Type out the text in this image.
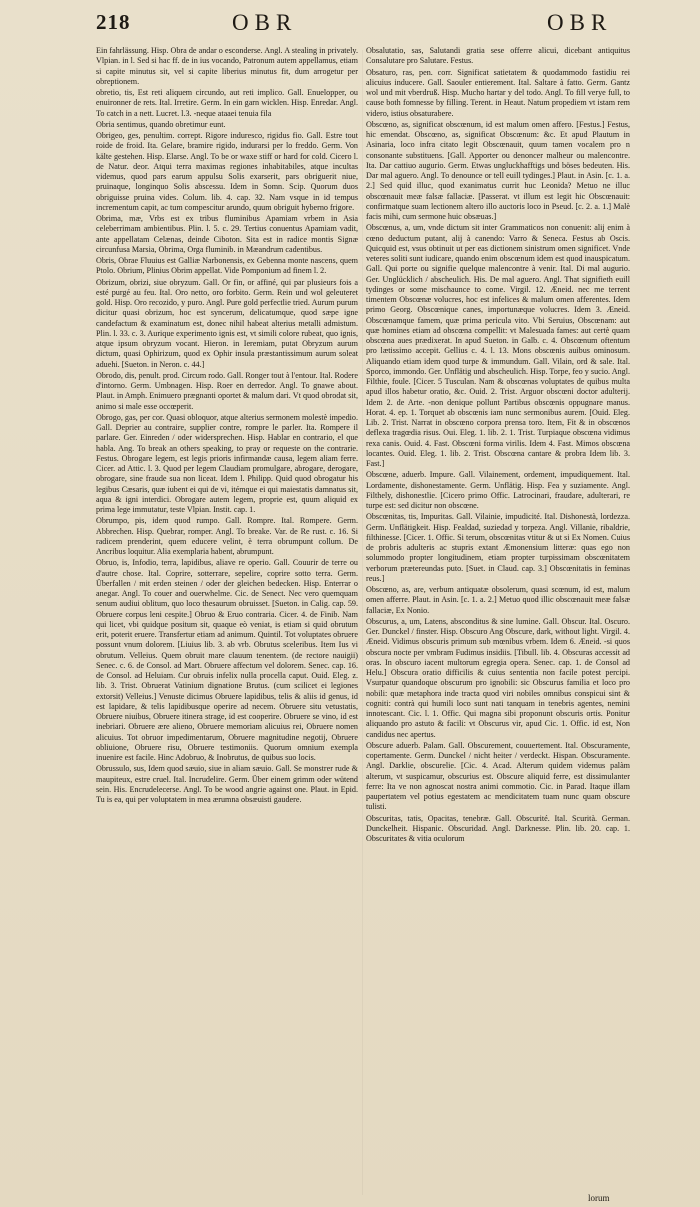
218	OBR	OBR

Ein fahrlässung. Hisp. Obra de andar o esconderse. Angl. A stealing in privately. Vlpian. in l. Sed si hac ff. de in ius vocando, Patronum autem appellamus, etiam si capite minutus sit, vel si capite liberius minutus fit, dum arrogetur per obreptionem.

obretio, tis, Est reti aliquem circundo, aut reti implico. Gall. Enuelopper, ou enuironner de rets. Ital. Irretire. Germ. In ein garn wicklen. Hisp. Enredar. Angl. To catch in a nett. Lucret. l.3. -neque ataaei tenuia fila

Obria sentimus, quando obretimur eunt.

Obrigeo, ges, penultim. corrept. Rigore induresco, rigidus fio. Gall. Estre tout roide de froid. Ita. Gelare, bramire rigido, indurarsi per lo freddo. Germ. Von kälte gestehen. Hisp. Elarse. Angl. To be or waxe stiff or hard for cold. Cicero l. de Natur. deor. Atqui terra maximas regiones inhabitabiles, atque incultas videmus, quod pars earum appulsu Solis exarserit, pars obriguerit niue, pruinaque, longinquo Solis abscessu. Idem in Somn. Scip. Quorum duos obriguisse pruina vides. Colum. lib. 4. cap. 32. Nam vsque in id tempus incrementum capit, ac tum compescitur arundo, quum obriguit hyberno frigore.

Obrima, mæ, Vrbs est ex tribus fluminibus Apamiam vrbem in Asia celeberrimam ambientibus. Plin. l. 5. c. 29. Tertius conuentus Apamiam vadit, ante appellatam Celænas, deinde Ciboton. Sita est in radice montis Signæ circunfusa Marsia, Obrima, Orga fluminib. in Mæandrum cadentibus.

Obris, Obrae Fluuius est Galliæ Narbonensis, ex Gebenna monte nascens, quem Ptolo. Obrium, Plinius Obrim appellat. Vide Pomponium ad finem l. 2.

Obrizum, obrizi, siue obryzum. Gall. Or fin, or affiné, qui par plusieurs fois a esté purgé au feu. Ital. Oro netto, oro forbito. Germ. Rein und wol geleuteret gold. Hisp. Oro recozido, y puro. Angl. Pure gold perfectlie tried. Aurum purum dicitur quasi obrizum, hoc est syncerum, delicatumque, quod sæpe igne candefactum & examinatum est, donec nihil habeat alterius metalli admistum. Plin. l. 33. c. 3. Aurique experimento ignis est, vt simili colore rubeat, quo ignis, atque ipsum obryzum vocant. Hieron. in Ieremiam, putat Obryzum aurum dictum, quasi Ophirizum, quod ex Ophir insula præstantissimum aurum soleat aduehi. [Sueton. in Neron. c. 44.]

Obrodo, dis, penult. prod. Circum rodo. Gall. Ronger tout à l'entour. Ital. Rodere d'intorno. Germ. Umbnagen. Hisp. Roer en derredor. Angl. To gnawe about. Plaut. in Amph. Enimuero prægnanti oportet & malum dari. Vt quod obrodat sit, animo si male esse occœperit.

Obrogo, gas, per cor. Quasi obloquor, atque alterius sermonem molestè impedio. Gall. Deprier au contraire, supplier contre, rompre le parler. Ita. Rompere il parlare. Ger. Einreden / oder widersprechen. Hisp. Hablar en contrario, el que habla. Ang. To break an others speaking, to pray or requeste on the contrarie. Festus. Obrogare legem, est legis prioris infirmandæ causa, legem aliam ferre. Cicer. ad Attic. l. 3. Quod per legem Claudiam promulgare, abrogare, derogare, obrogare, sine fraude sua non liceat. Idem l. Philipp. Quid quod obrogatur his legibus Cæsaris, quæ iubent ei qui de vi, itémque ei qui maiestatis damnatus sit, aqua & igni interdici. Obrogare autem legem, proprie est, quum aliquid ex prima lege immutatur, teste Vlpian. Instit. cap. 1.

Obrumpo, pis, idem quod rumpo. Gall. Rompre. Ital. Rompere. Germ. Abbrechen. Hisp. Quebrar, romper. Angl. To breake. Var. de Re rust. c. 16. Si radicem prenderint, quem educere velint, è terra obrumpunt collum. De Ancribus loquitur. Alia exemplaria habent, abrumpunt.

Obruo, is, Infodio, terra, lapidibus, aliave re operio. Gall. Couurir de terre ou d'autre chose. Ital. Coprire, sotterrare, sepelire, coprire sotto terra. Germ. Überfallen / mit erden steinen / oder der gleichen bedecken. Hisp. Enterrar o anegar. Angl. To couer and ouerwhelme. Cic. de Senect. Nec vero quemquam senum audiui oblitum, quo loco thesaurum obruisset. [Sueton. in Calig. cap. 59. Obruere corpus leni cespite.] Obruo & Eruo contraria. Cicer. 4. de Finib. Nam qui licet, vbi quidque positum sit, quaque eò veniat, is etiam si quid obrutum erit, poterit eruere. Transfertur etiam ad animum. Quintil. Tot voluptates obruere possunt vnum dolorem. [Liuius lib. 3. ab vrb. Obrutus sceleribus. Item Ius vi obrutum. Velleius. Quem obruit mare clauum tenentem. (de rectore nauigii) Senec. c. 6. de Consol. ad Mart. Obruere affectum vel dolorem. Senec. cap. 16. de Consol. ad Heluiam. Cur obruis infelix nulla procella caput. Ouid. Eleg. z. lib. 3. Trist. Obruerat Vatinium dignatione Brutus. (cum scilicet ei legiones extorsit) Velleius.] Venuste dicimus Obruere lapidibus, telis & aliis id genus, id est lapidare, & telis lapidibusque operire ad necem. Obruere situ vetustatis, Obruere niuibus, Obruere itinera strage, id est cooperire. Obruere se vino, id est inebriari. Obruere ære alieno, Obruere memoriam alicuius rei, Obruere nomen alicuius. Tot obruor impedimentarum, Obruere magnitudine negotij, Obruere obliuione, Obruere risu, Obruere testimoniis. Quorum omnium exempla inuenire est facile. Hinc Adobruo, & Inobrutus, de quibus suo locis.

Obrussulo, sus, Idem quod sæuio, siue in aliam sæuio. Gall. Se monstrer rude & maupiteux, estre cruel. Ital. Incrudelire. Germ. Über einem grimm oder wütend sein. His. Encrudelecerse. Angl. To be wood angrie against one. Plaut. in Epid. Tu is ea, qui per voluptatem in mea ærumna obsæuisti gaudere.

Obsalutatio, sas, Salutandi gratia sese offerre alicui, dicebant antiquitus Consalutare pro Salutare. Festus.

Obsaturo, ras, pen. corr. Significat satietatem & quodammodo fastidiu rei alicuius inducere. Gall. Saouler entierement. Ital. Saltare à fatto. Germ. Gantz wol und mit vberdruß. Hisp. Mucho hartar y del todo. Angl. To fill verye full, to cause both fomnesse by filling. Terent. in Heaut. Natum propediem vt istam rem videro, istius obsaturabere.

Obscœno, as, significat obscœnum, id est malum omen affero. [Festus.] Festus, hic emendat. Obscœno, as, significat Obscœnum: &c. Et apud Plautum in Asinaria, loco infra citato legit Obscœnauit, quum tamen vocalem pro n consonante substituens. [Gall. Apporter ou denoncer malheur ou malencontre. Ita. Dar cattiuo augurio. Germ. Etwas ungluckhafftigs und böses bedeuten. His. Dar mal aguero. Angl. To denounce or tell euill tydinges.] Plaut. in Asin. [c. 1. a. 2.] Sed quid illuc, quod exanimatus currit huc Leonida? Metuo ne illuc obscœnauit meæ falsæ fallaciæ. [Passerat. vt illum est legit hic Obscœnauit: confirmatque suam lectionem altero illo auctoris loco in Pseud. [c. 2. a. 1.] Malè facis mihi, cum sermone huic obsæuas.]

Obscœnus, a, um, vnde dictum sit inter Grammaticos non conuenit: alij enim à cœno deductum putant, alij à canendo: Varro & Seneca. Festus ab Oscis. Quicquid est, vsus obtinuit ut per eas dictionem sinistrum omen significet. Vnde veteres soliti sunt iudicare, quando enim obscœnum idem est quod inauspicatum. Gall. Qui porte ou signifie quelque malencontre à venir. Ital. Di mal augurio. Ger. Unglücklich / abscheulich. His. De mal aguero. Angl. That signifieth euill tydinges or some mischaunce to come. Virgil. 12. Æneid. nec me terrent timentem Obscœnæ volucres, hoc est infelices & malum omen afferentes. Idem primo Georg. Obscœnique canes, importunæque volucres. Idem 3. Æneid. Obscœnamque famem, quæ prima pericula vito. Vbi Seruius, Obscœnam: aut quæ homines etiam ad obscœna compellit: vt Malesuada fames: aut certè quam obscœna aues prædixerat. In apud Sueton. in Galb. c. 4. Obscœnum oftentum pro lætissimo accepit. Gellius c. 4. l. 13. Mons obscœnis auibus ominosum. Aliquando etiam idem quod turpe & immundum. Gall. Vilain, ord & sale. Ital. Sporco, immondo. Ger. Unflätig und abscheulich. Hisp. Torpe, feo y sucio. Angl. Filthie, foule. [Cicer. 5 Tusculan. Nam & obscœnas voluptates de quibus multa apud illos habetur oratio, &c. Ouid. 2. Trist. Arguor obscœni doctor adulterij. Idem 2. de Arte. -non denique pollunt Partibus obscœnis oppugnare manus. Horat. 4. ep. 1. Torquet ab obscœnis iam nunc sermonibus aurem. [Ouid. Eleg. Lib. 2. Trist. Narrat in obscœno corpora prensa toro. Item, Fit & in obscœnos deflexa tragœdia risus. Oui. Eleg. 1. lib. 2. 1. Trist. Turpiaque obscœna vidimus rexa canis. Ouid. 4. Fast. Obscœni forma virilis. Idem 4. Fast. Mimos obscœna locantes. Ouid. Eleg. 1. lib. 2. Trist. Obscœna cantare & probra Idem lib. 3. Fast.]

Obscœne, aduerb. Impure. Gall. Vilainement, ordement, impudiquement. Ital. Lordamente, dishonestamente. Germ. Unflätig. Hisp. Fea y suziamente. Angl. Filthely, dishonestlie. [Cicero primo Offic. Latrocinari, fraudare, adulterari, re turpe est: sed dicitur non obscœne.

Obscœnitas, tis, Impuritas. Gall. Vilainie, impudicité. Ital. Dishonestà, lordezza. Germ. Unflätigkeit. Hisp. Fealdad, suziedad y torpeza. Angl. Villanie, ribaldrie, filthinesse. [Cicer. 1. Offic. Si terum, obscœnitas vtitur & ut si Ex Nomen. Cuius de probris adulteris ac stupris extant Æmonensium litteræ: quas ego non solummodo propter longitudinem, etiam propter turpissimam obscœnitatem verborum prætereundas puto. [Suet. in Claud. cap. 3.] Obscœnitatis in feminas reus.]

Obscœno, as, are, verbum antiquatæ obsolerum, quasi scœnum, id est, malum omen afferre. Plaut. in Asin. [c. 1. a. 2.] Metuo quod illic obscœnauit meæ falsæ fallaciæ, Ex Nonio.

Obscurus, a, um, Latens, absconditus & sine lumine. Gall. Obscur. Ital. Oscuro. Ger. Dunckel / finster. Hisp. Obscuro Ang Obscure, dark, without light. Virgil. 4. Æneid. Vidimus obscuris primum sub mœnibus vrbem. Idem 6. Æneid. -si quos obscura nocte per vmbram Fudimus insidiis. [Tibull. lib. 4. Obscuras accessit ad oras. In obscuro iacent multorum egregia opera. Senec. cap. 1. de Consol ad Helu.] Obscura oratio difficilis & cuius sententia non facile potest percipi. Vsurpatur quandoque obscurum pro ignobili: sic Obscurus familia et loco pro nobili: quæ metaphora inde tracta quod viri nobiles omnibus conspicui sint & cogniti: contrà qui humili loco sunt nati tanquam in tenebris agentes, nemini innotescant. Cic. l. 1. Offic. Qui magna sibi proponunt obscuris ortis. Ponitur aliquando pro astuto & facili: vt Obscurus vir, apud Cic. 1. Offic. id est, Non candidus nec apertus.

Obscure aduerb. Palam. Gall. Obscurement, couuertement. Ital. Obscuramente, copertamente. Germ. Dunckel / nicht heiter / verdeckt. Hispan. Obscuramente. Angl. Darklie, obscurelie. [Cic. 4. Acad. Alterum quidem videmus palàm alterum, vt suspicamur, obscurius est. Obscure aliquid ferre, est dissimulanter ferre: Ita ve non agnoscat nostra animi commotio. Cic. in Parad. Itaque illam paupertatem vel potius egestatem ac mendicitatem tuam nunc quam obscure tulisti.

Obscuritas, tatis, Opacitas, tenebræ. Gall. Obscurité. Ital. Scurità. German. Dunckelheit. Hispanic. Obscuridad. Angl. Darknesse. Plin. lib. 20. cap. 1. Obscuritates & vitia oculorum

lorum
